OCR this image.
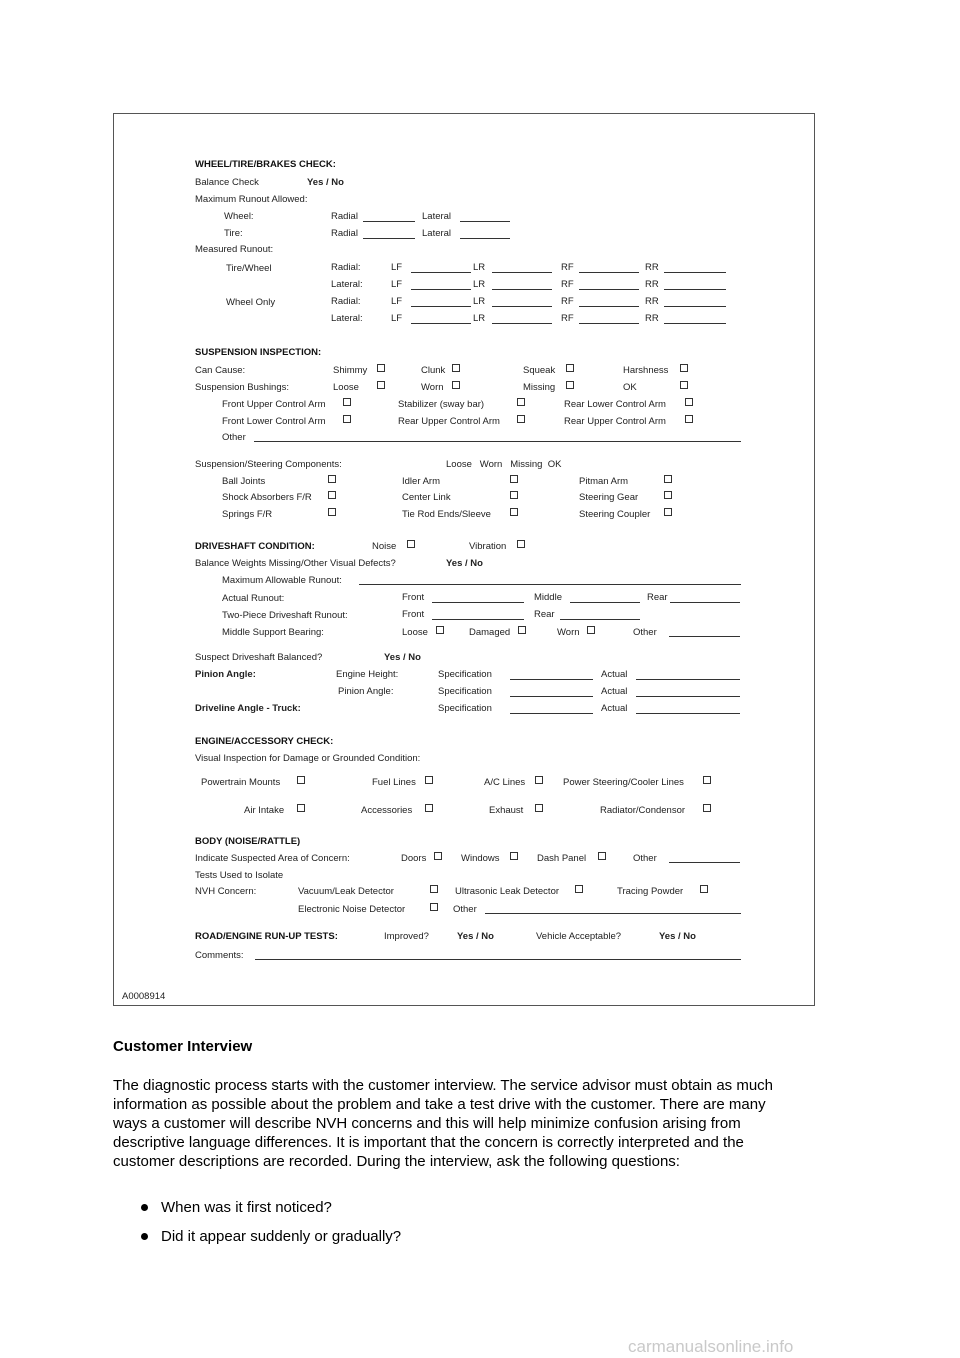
WHEEL/TIRE/BRAKES CHECK:
Balance Check	Yes / No
Maximum Runout Allowed:
Wheel:	Radial	Lateral
Tire:	Radial	Lateral
Measured Runout:
Tire/Wheel	Radial:	LF	LR	RF	RR
Lateral:	LF	LR	RF	RR
Wheel Only	Radial:	LF	LR	RF	RR
Lateral:	LF	LR	RF	RR
SUSPENSION INSPECTION:
Can Cause:	Shimmy	Clunk	Squeak	Harshness
Suspension Bushings:	Loose	Worn	Missing	OK
Front Upper Control Arm	Stabilizer (sway bar)	Rear Lower Control Arm
Front Lower Control Arm	Rear Upper Control Arm	Rear Upper Control Arm
Other
Suspension/Steering Components:	Loose   Worn   Missing  OK
Ball Joints	Idler Arm	Pitman Arm
Shock Absorbers F/R	Center Link	Steering Gear
Springs F/R	Tie Rod Ends/Sleeve	Steering Coupler
DRIVESHAFT CONDITION:	Noise	Vibration
Balance Weights Missing/Other Visual Defects?	Yes / No
Maximum Allowable Runout:
Actual Runout:	Front	Middle	Rear
Two-Piece Driveshaft Runout:	Front	Rear
Middle Support Bearing:	Loose	Damaged	Worn	Other
Suspect Driveshaft Balanced?	Yes / No
Pinion Angle:	Engine Height:	Specification	Actual
Pinion Angle:	Specification	Actual
Driveline Angle - Truck:	Specification	Actual
ENGINE/ACCESSORY CHECK:
Visual Inspection for Damage or Grounded Condition:
Powertrain Mounts	Fuel Lines	A/C Lines	Power Steering/Cooler Lines
Air Intake	Accessories	Exhaust	Radiator/Condensor
BODY (NOISE/RATTLE)
Indicate Suspected Area of Concern:	Doors	Windows	Dash Panel	Other
Tests Used to Isolate
NVH Concern:	Vacuum/Leak Detector	Ultrasonic Leak Detector	Tracing Powder
Electronic Noise Detector	Other
ROAD/ENGINE RUN-UP TESTS:	Improved?	Yes / No	Vehicle Acceptable?	Yes / No
Comments:
A0008914
Customer Interview
The diagnostic process starts with the customer interview. The service advisor must obtain as much
information as possible about the problem and take a test drive with the customer. There are many
ways a customer will describe NVH concerns and this will help minimize confusion arising from
descriptive language differences. It is important that the concern is correctly interpreted and the
customer descriptions are recorded. During the interview, ask the following questions:
When was it first noticed?
Did it appear suddenly or gradually?
carmanualsonline.info
